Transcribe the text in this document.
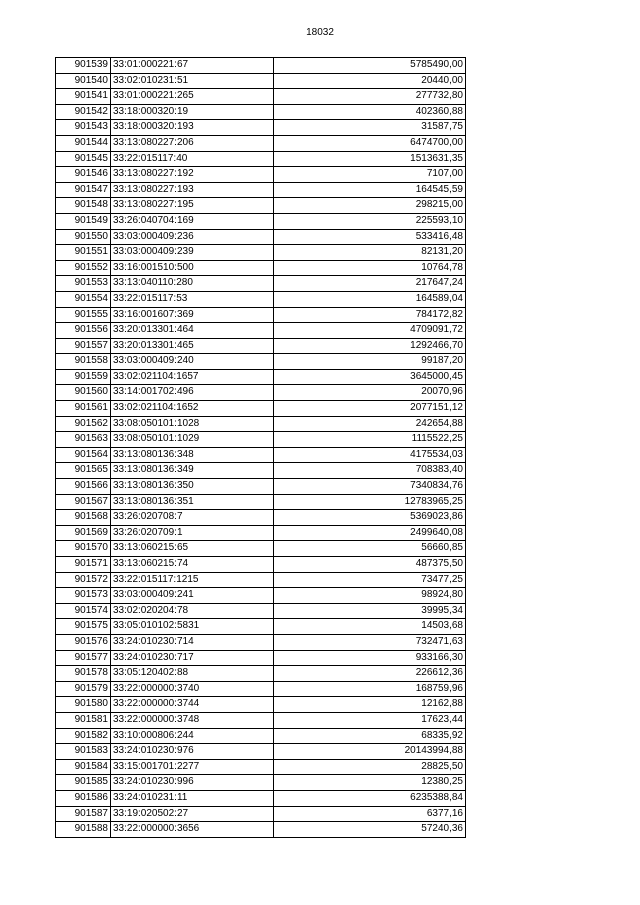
18032
901539	33:01:000221:67	5785490,00
901540	33:02:010231:51	20440,00
901541	33:01:000221:265	277732,80
901542	33:18:000320:19	402360,88
901543	33:18:000320:193	31587,75
901544	33:13:080227:206	6474700,00
901545	33:22:015117:40	1513631,35
901546	33:13:080227:192	7107,00
901547	33:13:080227:193	164545,59
901548	33:13:080227:195	298215,00
901549	33:26:040704:169	225593,10
901550	33:03:000409:236	533416,48
901551	33:03:000409:239	82131,20
901552	33:16:001510:500	10764,78
901553	33:13:040110:280	217647,24
901554	33:22:015117:53	164589,04
901555	33:16:001607:369	784172,82
901556	33:20:013301:464	4709091,72
901557	33:20:013301:465	1292466,70
901558	33:03:000409:240	99187,20
901559	33:02:021104:1657	3645000,45
901560	33:14:001702:496	20070,96
901561	33:02:021104:1652	2077151,12
901562	33:08:050101:1028	242654,88
901563	33:08:050101:1029	1115522,25
901564	33:13:080136:348	4175534,03
901565	33:13:080136:349	708383,40
901566	33:13:080136:350	7340834,76
901567	33:13:080136:351	12783965,25
901568	33:26:020708:7	5369023,86
901569	33:26:020709:1	2499640,08
901570	33:13:060215:65	56660,85
901571	33:13:060215:74	487375,50
901572	33:22:015117:1215	73477,25
901573	33:03:000409:241	98924,80
901574	33:02:020204:78	39995,34
901575	33:05:010102:5831	14503,68
901576	33:24:010230:714	732471,63
901577	33:24:010230:717	933166,30
901578	33:05:120402:88	226612,36
901579	33:22:000000:3740	168759,96
901580	33:22:000000:3744	12162,88
901581	33:22:000000:3748	17623,44
901582	33:10:000806:244	68335,92
901583	33:24:010230:976	20143994,88
901584	33:15:001701:2277	28825,50
901585	33:24:010230:996	12380,25
901586	33:24:010231:11	6235388,84
901587	33:19:020502:27	6377,16
901588	33:22:000000:3656	57240,36
